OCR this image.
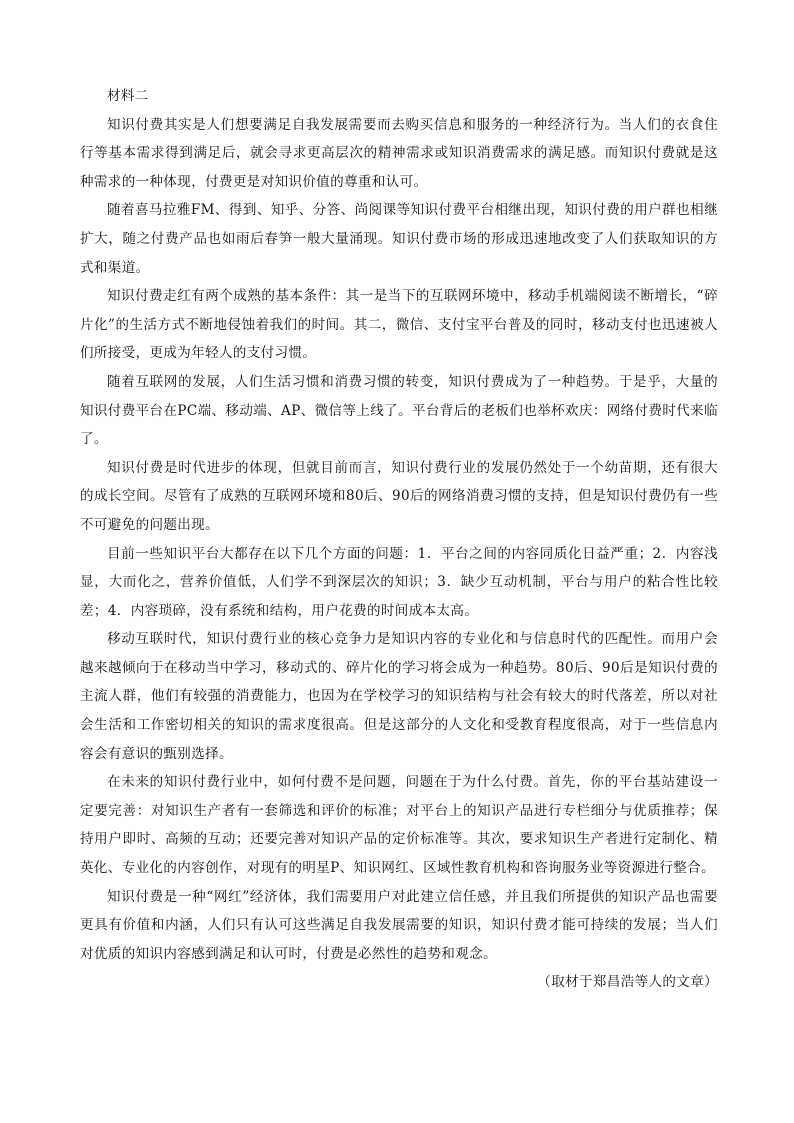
材料二

知识付费其实是人们想要满足自我发展需要而去购买信息和服务的一种经济行为。当人们的衣食住行等基本需求得到满足后，就会寻求更高层次的精神需求或知识消费需求的满足感。而知识付费就是这种需求的一种体现，付费更是对知识价值的尊重和认可。

随着喜马拉雅FM、得到、知乎、分答、尚阅课等知识付费平台相继出现，知识付费的用户群也相继扩大，随之付费产品也如雨后春笋一般大量涌现。知识付费市场的形成迅速地改变了人们获取知识的方式和渠道。

知识付费走红有两个成熟的基本条件：其一是当下的互联网环境中，移动手机端阅读不断增长，“碎片化”的生活方式不断地侵蚀着我们的时间。其二，微信、支付宝平台普及的同时，移动支付也迅速被人们所接受，更成为年轻人的支付习惯。

随着互联网的发展，人们生活习惯和消费习惯的转变，知识付费成为了一种趋势。于是乎，大量的知识付费平台在PC端、移动端、AP、微信等上线了。平台背后的老板们也举杯欢庆：网络付费时代来临了。

知识付费是时代进步的体现，但就目前而言，知识付费行业的发展仍然处于一个幼苗期，还有很大的成长空间。尽管有了成熟的互联网环境和80后、90后的网络消费习惯的支持，但是知识付费仍有一些不可避免的问题出现。

目前一些知识平台大都存在以下几个方面的问题：1．平台之间的内容同质化日益严重；2．内容浅显，大而化之，营养价值低，人们学不到深层次的知识；3．缺少互动机制，平台与用户的粘合性比较差；4．内容琐碎，没有系统和结构，用户花费的时间成本太高。

移动互联时代，知识付费行业的核心竞争力是知识内容的专业化和与信息时代的匹配性。而用户会越来越倾向于在移动当中学习，移动式的、碎片化的学习将会成为一种趋势。80后、90后是知识付费的主流人群，他们有较强的消费能力，也因为在学校学习的知识结构与社会有较大的时代落差，所以对社会生活和工作密切相关的知识的需求度很高。但是这部分的人文化和受教育程度很高，对于一些信息内容会有意识的甄别选择。

在未来的知识付费行业中，如何付费不是问题，问题在于为什么付费。首先，你的平台基站建设一定要完善：对知识生产者有一套筛选和评价的标准；对平台上的知识产品进行专栏细分与优质推荐；保持用户即时、高频的互动；还要完善对知识产品的定价标准等。其次，要求知识生产者进行定制化、精英化、专业化的内容创作，对现有的明星P、知识网红、区域性教育机构和咨询服务业等资源进行整合。

知识付费是一种“网红”经济体，我们需要用户对此建立信任感，并且我们所提供的知识产品也需要更具有价值和内涵，人们只有认可这些满足自我发展需要的知识，知识付费才能可持续的发展；当人们对优质的知识内容感到满足和认可时，付费是必然性的趋势和观念。

（取材于郑昌浩等人的文章）
